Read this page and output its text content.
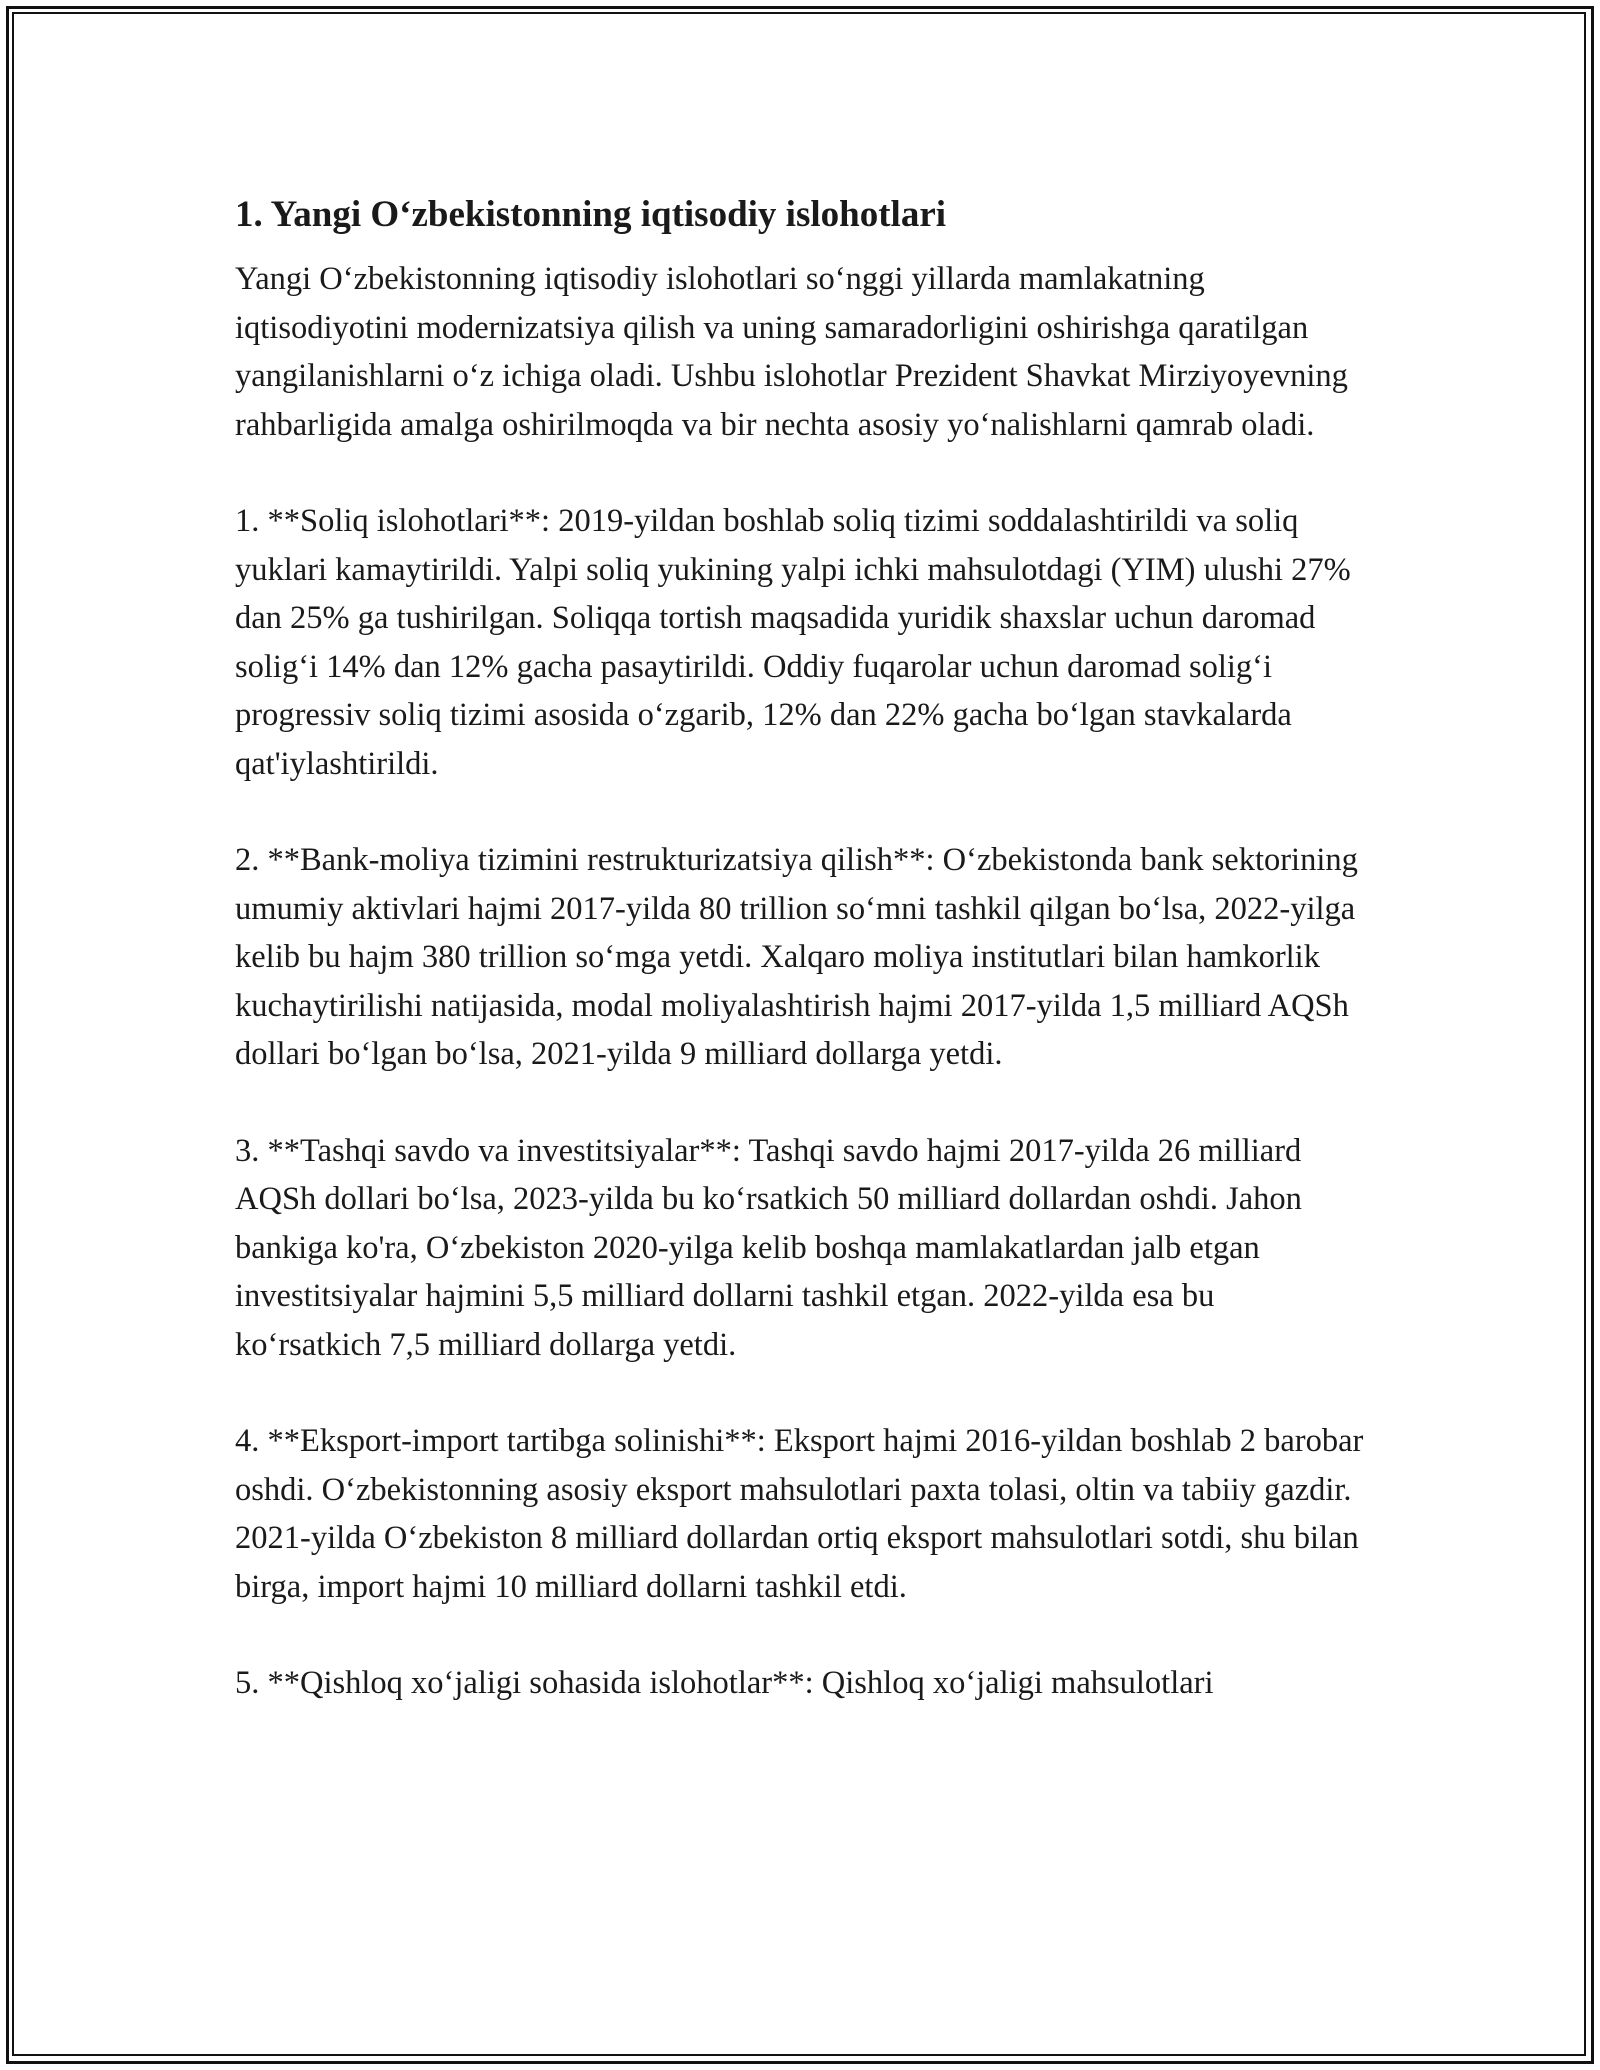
1. Yangi O‘zbekistonning iqtisodiy islohotlari

Yangi O‘zbekistonning iqtisodiy islohotlari so‘nggi yillarda mamlakatning iqtisodiyotini modernizatsiya qilish va uning samaradorligini oshirishga qaratilgan yangilanishlarni o‘z ichiga oladi. Ushbu islohotlar Prezident Shavkat Mirziyoyevning rahbarligida amalga oshirilmoqda va bir nechta asosiy yo‘nalishlarni qamrab oladi.

1. **Soliq islohotlari**: 2019-yildan boshlab soliq tizimi soddalashtirildi va soliq yuklari kamaytirildi. Yalpi soliq yukining yalpi ichki mahsulotdagi (YIM) ulushi 27% dan 25% ga tushirilgan. Soliqqa tortish maqsadida yuridik shaxslar uchun daromad solig‘i 14% dan 12% gacha pasaytirildi. Oddiy fuqarolar uchun daromad solig‘i progressiv soliq tizimi asosida o‘zgarib, 12% dan 22% gacha bo‘lgan stavkalarda qat'iylashtirildi.

2. **Bank-moliya tizimini restrukturizatsiya qilish**: O‘zbekistonda bank sektorining umumiy aktivlari hajmi 2017-yilda 80 trillion so‘mni tashkil qilgan bo‘lsa, 2022-yilga kelib bu hajm 380 trillion so‘mga yetdi. Xalqaro moliya institutlari bilan hamkorlik kuchaytirilishi natijasida, modal moliyalashtirish hajmi 2017-yilda 1,5 milliard AQSh dollari bo‘lgan bo‘lsa, 2021-yilda 9 milliard dollarga yetdi.

3. **Tashqi savdo va investitsiyalar**: Tashqi savdo hajmi 2017-yilda 26 milliard AQSh dollari bo‘lsa, 2023-yilda bu ko‘rsatkich 50 milliard dollardan oshdi. Jahon bankiga ko'ra, O‘zbekiston 2020-yilga kelib boshqa mamlakatlardan jalb etgan investitsiyalar hajmini 5,5 milliard dollarni tashkil etgan. 2022-yilda esa bu ko‘rsatkich 7,5 milliard dollarga yetdi.

4. **Eksport-import tartibga solinishi**: Eksport hajmi 2016-yildan boshlab 2 barobar oshdi. O‘zbekistonning asosiy eksport mahsulotlari paxta tolasi, oltin va tabiiy gazdir. 2021-yilda O‘zbekiston 8 milliard dollardan ortiq eksport mahsulotlari sotdi, shu bilan birga, import hajmi 10 milliard dollarni tashkil etdi.

5. **Qishloq xo‘jaligi sohasida islohotlar**: Qishloq xo‘jaligi mahsulotlari
